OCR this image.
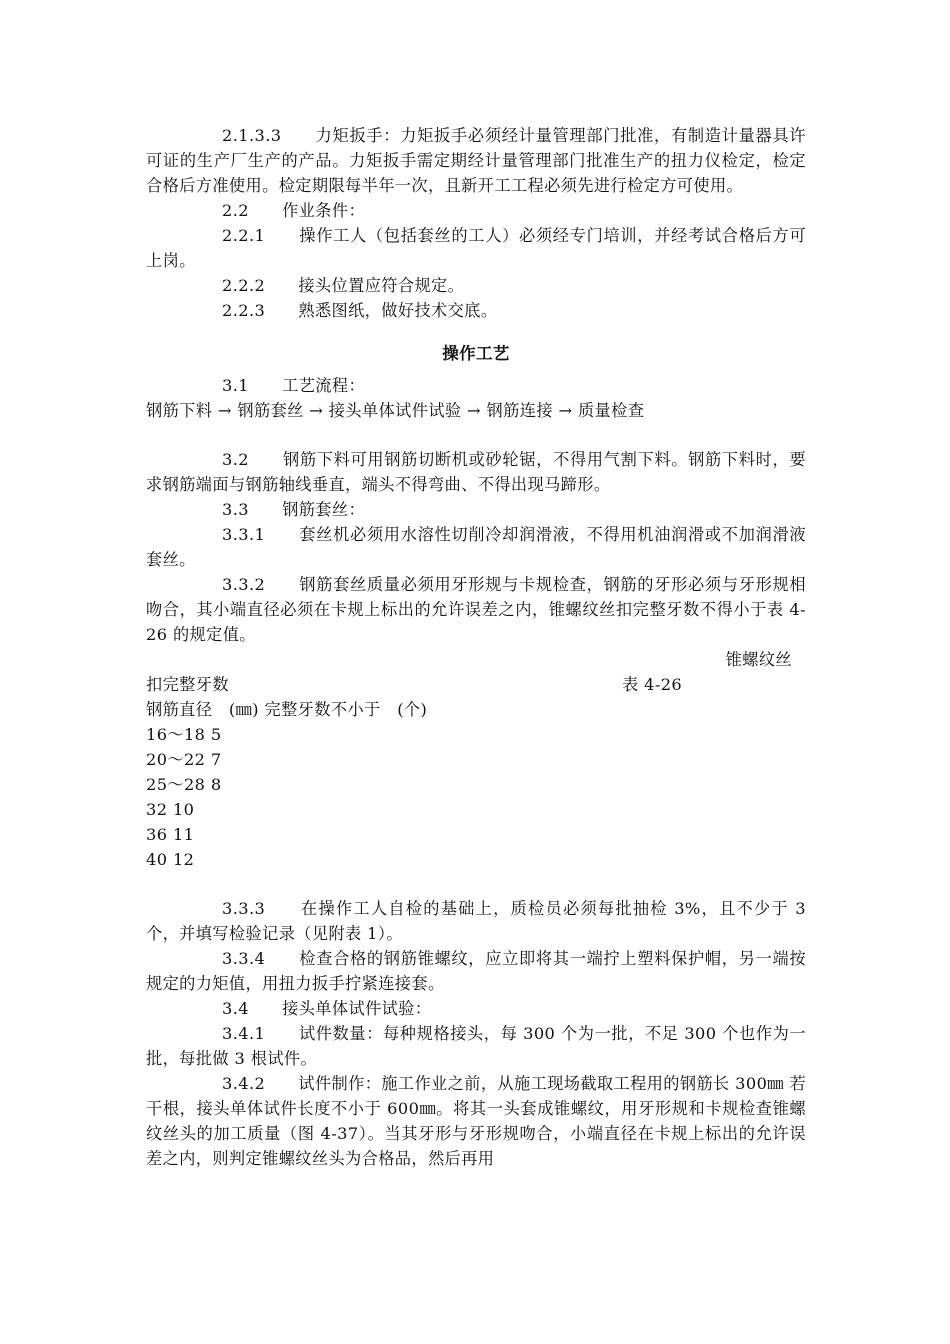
2.1.3.3　　力矩扳手：力矩扳手必须经计量管理部门批准，有制造计量器具许可证的生产厂生产的产品。力矩扳手需定期经计量管理部门批准生产的扭力仪检定，检定合格后方准使用。检定期限每半年一次，且新开工工程必须先进行检定方可使用。

2.2　　作业条件：

2.2.1　　操作工人（包括套丝的工人）必须经专门培训，并经考试合格后方可上岗。

2.2.2　　接头位置应符合规定。

2.2.3　　熟悉图纸，做好技术交底。

操作工艺

3.1　　工艺流程：

钢筋下料 → 钢筋套丝 → 接头单体试件试验 → 钢筋连接 → 质量检查

3.2　　钢筋下料可用钢筋切断机或砂轮锯，不得用气割下料。钢筋下料时，要求钢筋端面与钢筋轴线垂直，端头不得弯曲、不得出现马蹄形。

3.3　　钢筋套丝：

3.3.1　　套丝机必须用水溶性切削冷却润滑液，不得用机油润滑或不加润滑液套丝。

3.3.2　　钢筋套丝质量必须用牙形规与卡规检查，钢筋的牙形必须与牙形规相吻合，其小端直径必须在卡规上标出的允许误差之内，锥螺纹丝扣完整牙数不得小于表 4-26 的规定值。

锥螺纹丝

扣完整牙数	表 4-26

钢筋直径　(㎜) 完整牙数不小于　(个)

16～18 5

20～22 7

25～28 8

32 10

36 11

40 12

3.3.3　　在操作工人自检的基础上，质检员必须每批抽检 3%，且不少于 3 个，并填写检验记录（见附表 1）。

3.3.4　　检查合格的钢筋锥螺纹，应立即将其一端拧上塑料保护帽，另一端按规定的力矩值，用扭力扳手拧紧连接套。

3.4　　接头单体试件试验：

3.4.1　　试件数量：每种规格接头，每 300 个为一批，不足 300 个也作为一批，每批做 3 根试件。

3.4.2　　试件制作：施工作业之前，从施工现场截取工程用的钢筋长 300㎜ 若干根，接头单体试件长度不小于 600㎜。将其一头套成锥螺纹，用牙形规和卡规检查锥螺纹丝头的加工质量（图 4-37）。当其牙形与牙形规吻合，小端直径在卡规上标出的允许误差之内，则判定锥螺纹丝头为合格品，然后再用
